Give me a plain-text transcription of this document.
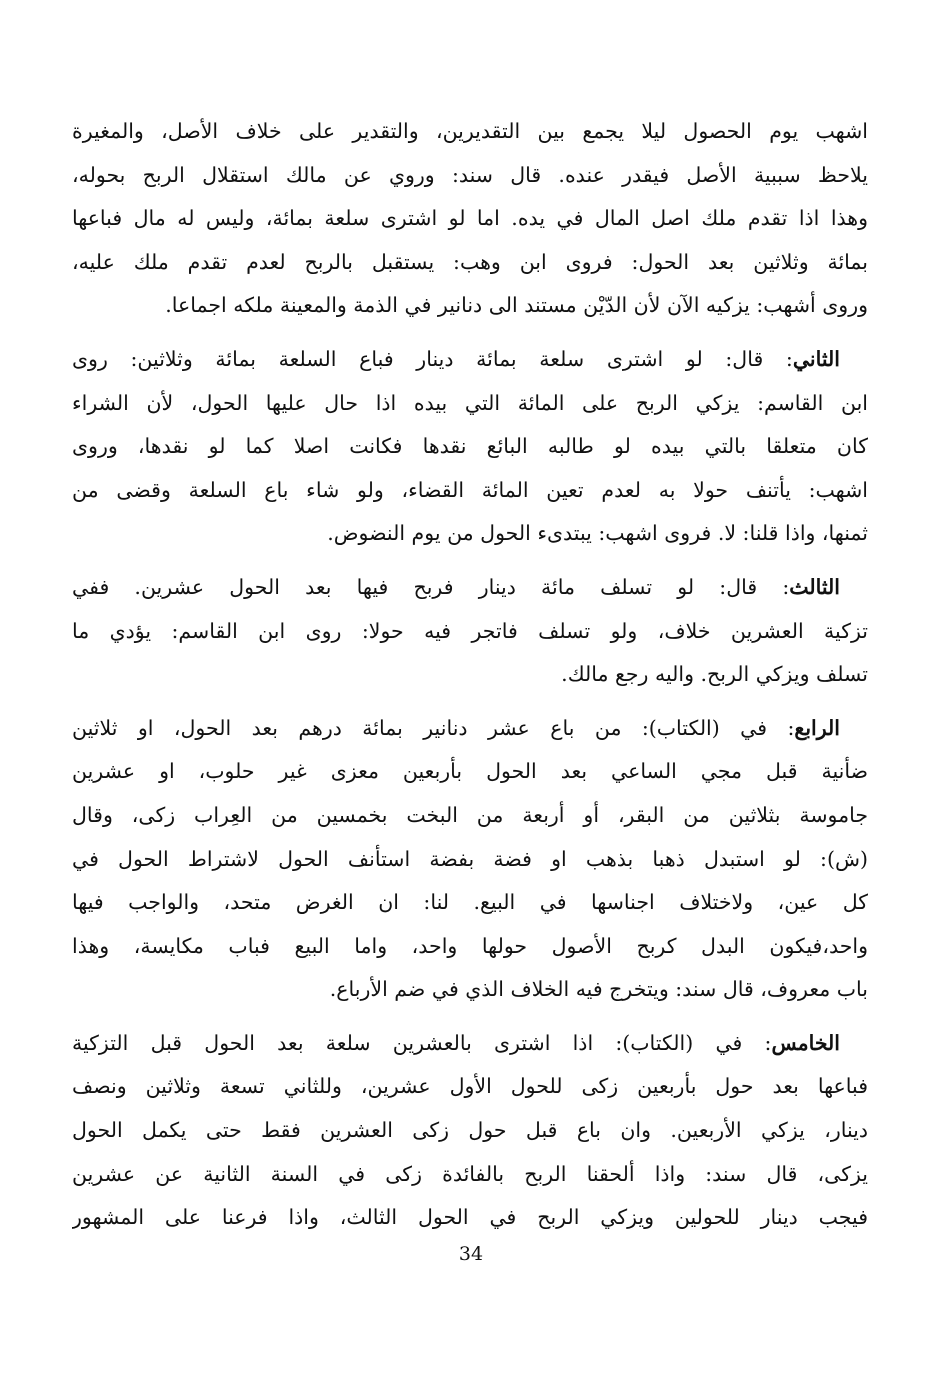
اشهب يوم الحصول ليلا يجمع بين التقديرين، والتقدير على خلاف الأصل، والمغيرة
يلاحظ سببية الأصل فيقدر عنده. قال سند: وروي عن مالك استقلال الربح بحوله،
وهذا اذا تقدم ملك اصل المال في يده. اما لو اشترى سلعة بمائة، وليس له مال فباعها
بمائة وثلاثين بعد الحول: فروى ابن وهب: يستقبل بالربح لعدم تقدم ملك عليه،
وروى أشهب: يزكيه الآن لأن الدّيْن مستند الى دنانير في الذمة والمعينة ملكه اجماعا.
الثاني: قال: لو اشترى سلعة بمائة دينار فباع السلعة بمائة وثلاثين: روى
ابن القاسم: يزكي الربح على المائة التي بيده اذا حال عليها الحول، لأن الشراء
كان متعلقا بالتي بيده لو طالبه البائع نقدها فكانت اصلا كما لو نقدها، وروى
اشهب: يأتنف حولا به لعدم تعين المائة القضاء، ولو شاء باع السلعة وقضى من
ثمنها، واذا قلنا: لا. فروى اشهب: يبتدىء الحول من يوم النضوض.
الثالث: قال: لو تسلف مائة دينار فربح فيها بعد الحول عشرين. ففي
تزكية العشرين خلاف، ولو تسلف فاتجر فيه حولا: روى ابن القاسم: يؤدي ما
تسلف ويزكي الربح. واليه رجع مالك.
الرابع: في (الكتاب): من باع عشر دنانير بمائة درهم بعد الحول، او ثلاثين
ضأنية قبل مجي الساعي بعد الحول بأربعين معزى غير حلوب، او عشرين
جاموسة بثلاثين من البقر، أو أربعة من البخت بخمسين من العِراب زكى، وقال
(ش): لو استبدل ذهبا بذهب او فضة بفضة استأنف الحول لاشتراط الحول في
كل عين، ولاختلاف اجناسها في البيع. لنا: ان الغرض متحد، والواجب فيها
واحد،فيكون البدل كربح الأصول حولها واحد، واما البيع فباب مكايسة، وهذا
باب معروف، قال سند: ويتخرج فيه الخلاف الذي في ضم الأرباع.
الخامس: في (الكتاب): اذا اشترى بالعشرين سلعة بعد الحول قبل التزكية
فباعها بعد حول بأربعين زكى للحول الأول عشرين، وللثاني تسعة وثلاثين ونصف
دينار، يزكي الأربعين. وان باع قبل حول زكى العشرين فقط حتى يكمل الحول
يزكى، قال سند: واذا ألحقنا الربح بالفائدة زكى في السنة الثانية عن عشرين
فيجب دينار للحولين ويزكي الربح في الحول الثالث، واذا فرعنا على المشهور
34
